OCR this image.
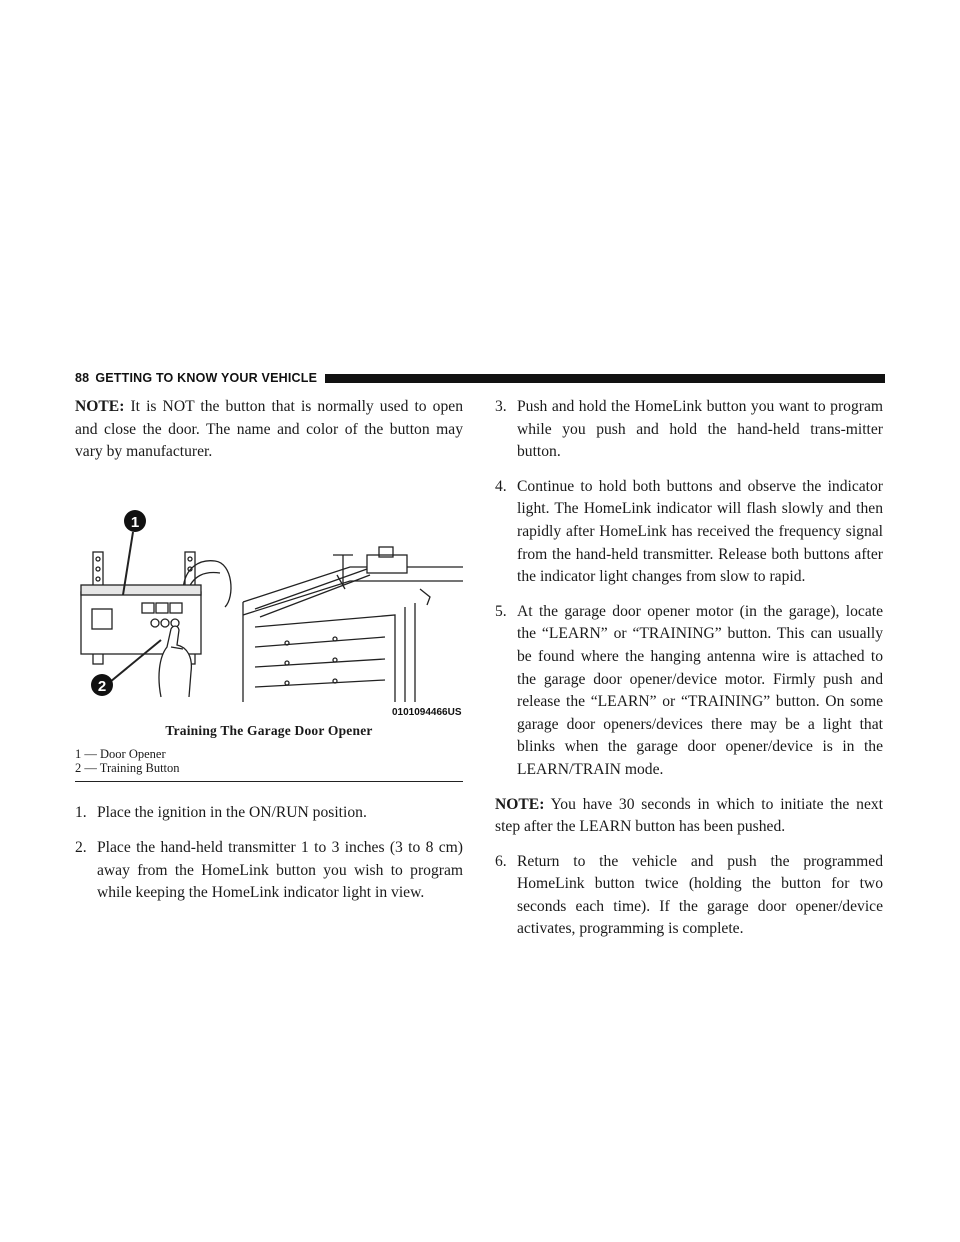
88 GETTING TO KNOW YOUR VEHICLE

NOTE: It is NOT the button that is normally used to open and close the door. The name and color of the button may vary by manufacturer.

1
2
0101094466US
Training The Garage Door Opener
1 — Door Opener
2 — Training Button

1. Place the ignition in the ON/RUN position.

2. Place the hand-held transmitter 1 to 3 inches (3 to 8 cm) away from the HomeLink button you wish to program while keeping the HomeLink indicator light in view.

3. Push and hold the HomeLink button you want to program while you push and hold the hand-held trans-mitter button.

4. Continue to hold both buttons and observe the indicator light. The HomeLink indicator will flash slowly and then rapidly after HomeLink has received the frequency signal from the hand-held transmitter. Release both buttons after the indicator light changes from slow to rapid.

5. At the garage door opener motor (in the garage), locate the “LEARN” or “TRAINING” button. This can usually be found where the hanging antenna wire is attached to the garage door opener/device motor. Firmly push and release the “LEARN” or “TRAINING” button. On some garage door openers/devices there may be a light that blinks when the garage door opener/device is in the LEARN/TRAIN mode.

NOTE: You have 30 seconds in which to initiate the next step after the LEARN button has been pushed.

6. Return to the vehicle and push the programmed HomeLink button twice (holding the button for two seconds each time). If the garage door opener/device activates, programming is complete.
